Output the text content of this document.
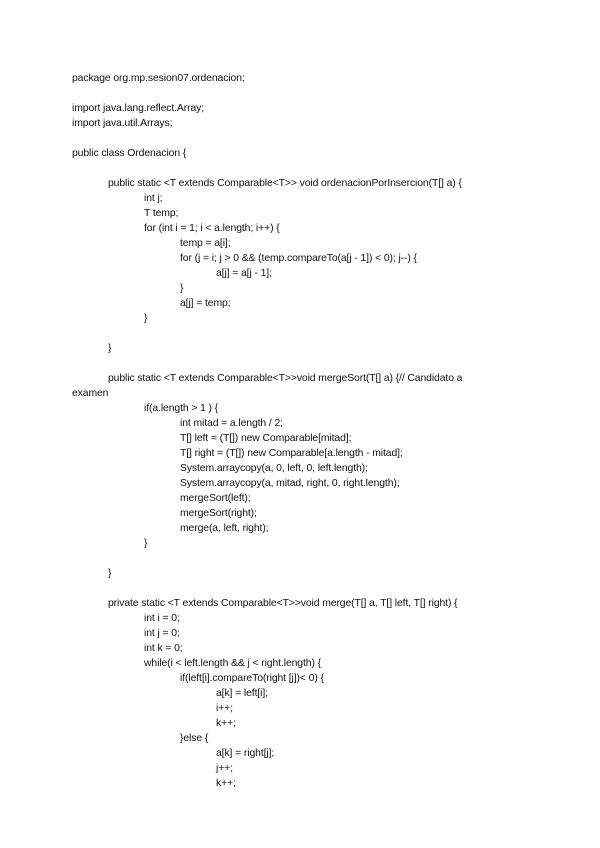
package org.mp.sesion07.ordenacion;
import java.lang.reflect.Array;
import java.util.Arrays;
public class Ordenacion {
public static <T extends Comparable<T>> void ordenacionPorInsercion(T[] a) {
int j;
T temp;
for (int i = 1; i < a.length; i++) {
temp = a[i];
for (j = i; j > 0 && (temp.compareTo(a[j - 1]) < 0); j--) {
a[j] = a[j - 1];
}
a[j] = temp;
}
}
public static <T extends Comparable<T>>void mergeSort(T[] a) {// Candidato a
examen
if(a.length > 1 ) {
int mitad = a.length / 2;
T[] left = (T[]) new Comparable[mitad];
T[] right = (T[]) new Comparable[a.length - mitad];
System.arraycopy(a, 0, left, 0, left.length);
System.arraycopy(a, mitad, right, 0, right.length);
mergeSort(left);
mergeSort(right);
merge(a, left, right);
}
}
private static <T extends Comparable<T>>void merge(T[] a, T[] left, T[] right) {
int i = 0;
int j = 0;
int k = 0;
while(i < left.length && j < right.length) {
if(left[i].compareTo(right [j])< 0) {
a[k] = left[i];
i++;
k++;
}else {
a[k] = right[j];
j++;
k++;
